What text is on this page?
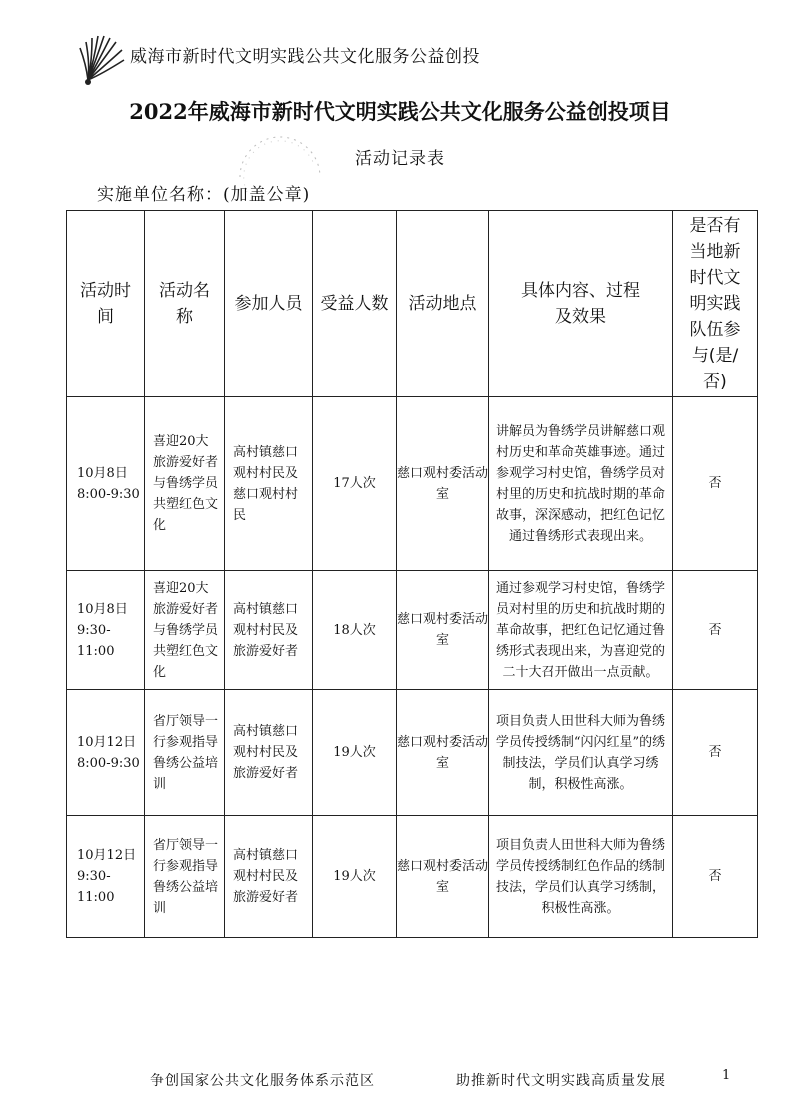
威海市新时代文明实践公共文化服务公益创投
2022年威海市新时代文明实践公共文化服务公益创投项目
活动记录表
实施单位名称：(加盖公章)
活动时间	活动名称	参加人员	受益人数	活动地点	具体内容、过程及效果	是否有当地新时代文明实践队伍参与(是/否)
10月8日 8:00-9:30	喜迎20大旅游爱好者与鲁绣学员共塑红色文化	高村镇慈口观村村民及慈口观村村民	17人次	慈口观村委活动室	讲解员为鲁绣学员讲解慈口观村历史和革命英雄事迹。通过参观学习村史馆，鲁绣学员对村里的历史和抗战时期的革命故事，深深感动，把红色记忆通过鲁绣形式表现出来。	否
10月8日 9:30-11:00	喜迎20大旅游爱好者与鲁绣学员共塑红色文化	高村镇慈口观村村民及旅游爱好者	18人次	慈口观村委活动室	通过参观学习村史馆，鲁绣学员对村里的历史和抗战时期的革命故事，把红色记忆通过鲁绣形式表现出来，为喜迎党的二十大召开做出一点贡献。	否
10月12日 8:00-9:30	省厅领导一行参观指导鲁绣公益培训	高村镇慈口观村村民及旅游爱好者	19人次	慈口观村委活动室	项目负责人田世科大师为鲁绣学员传授绣制“闪闪红星”的绣制技法，学员们认真学习绣制，积极性高涨。	否
10月12日 9:30-11:00	省厅领导一行参观指导鲁绣公益培训	高村镇慈口观村村民及旅游爱好者	19人次	慈口观村委活动室	项目负责人田世科大师为鲁绣学员传授绣制红色作品的绣制技法，学员们认真学习绣制，积极性高涨。	否
争创国家公共文化服务体系示范区	助推新时代文明实践高质量发展	1
